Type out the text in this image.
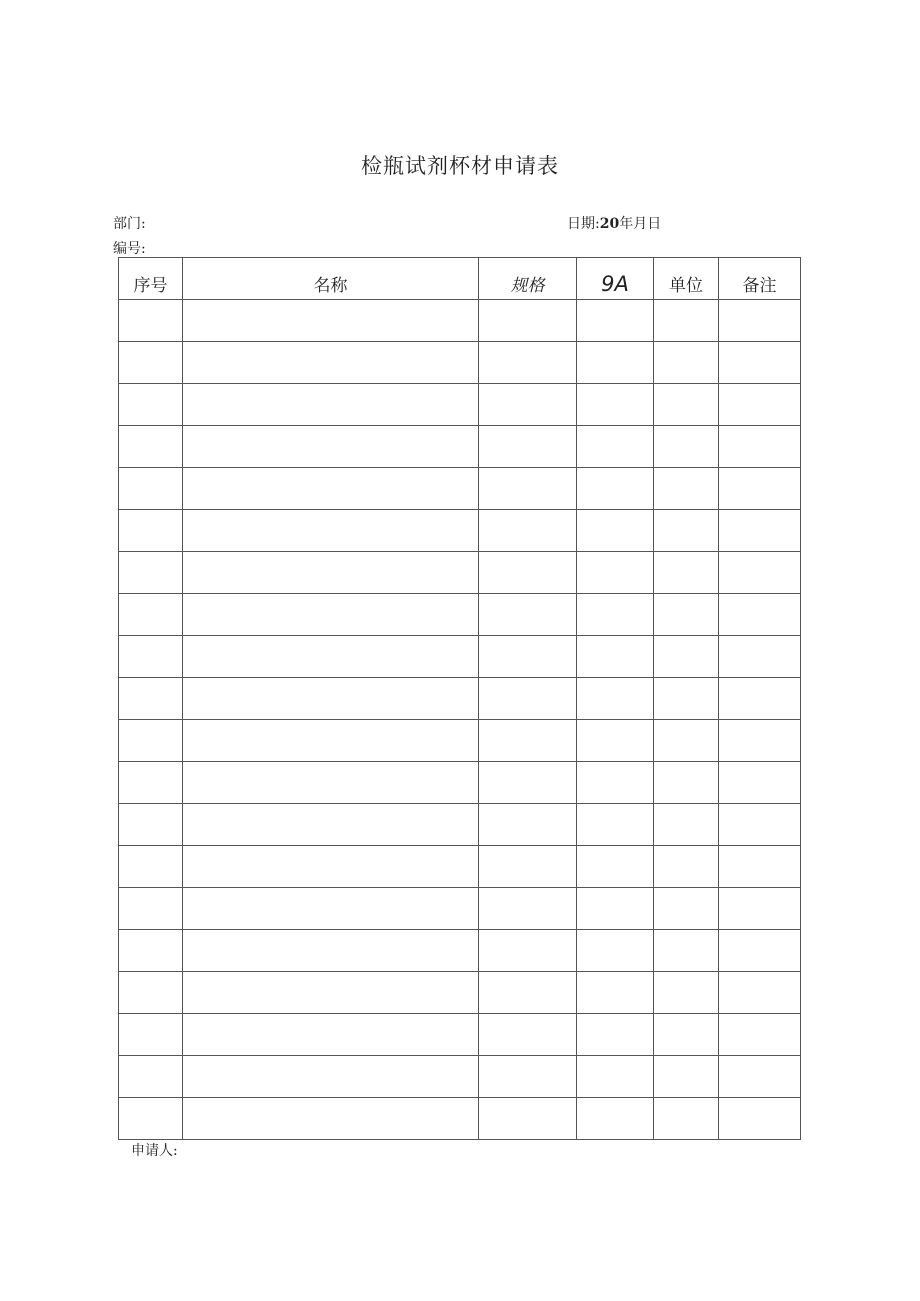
检瓶试剂杯材申请表
部门:	日期:20年月日
编号:
序号	名称	规格	9A	单位	备注

申请人:
